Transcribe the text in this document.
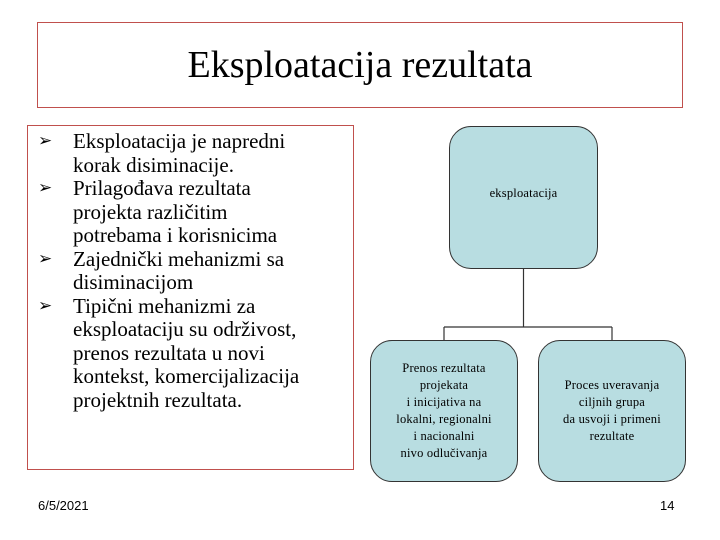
Eksploatacija rezultata
➢ Eksploatacija je napredni
korak disiminacije.
➢ Prilagođava rezultata
projekta različitim
potrebama i korisnicima
➢ Zajednički mehanizmi sa
disiminacijom
➢ Tipični mehanizmi za
eksploataciju su održivost,
prenos rezultata u novi
kontekst, komercijalizacija
projektnih rezultata.
eksploatacija
Prenos rezultata
projekata
i inicijativa na
lokalni, regionalni
i nacionalni
nivo odlučivanja
Proces uveravanja
ciljnih grupa
da usvoji i primeni
rezultate
6/5/2021	14
